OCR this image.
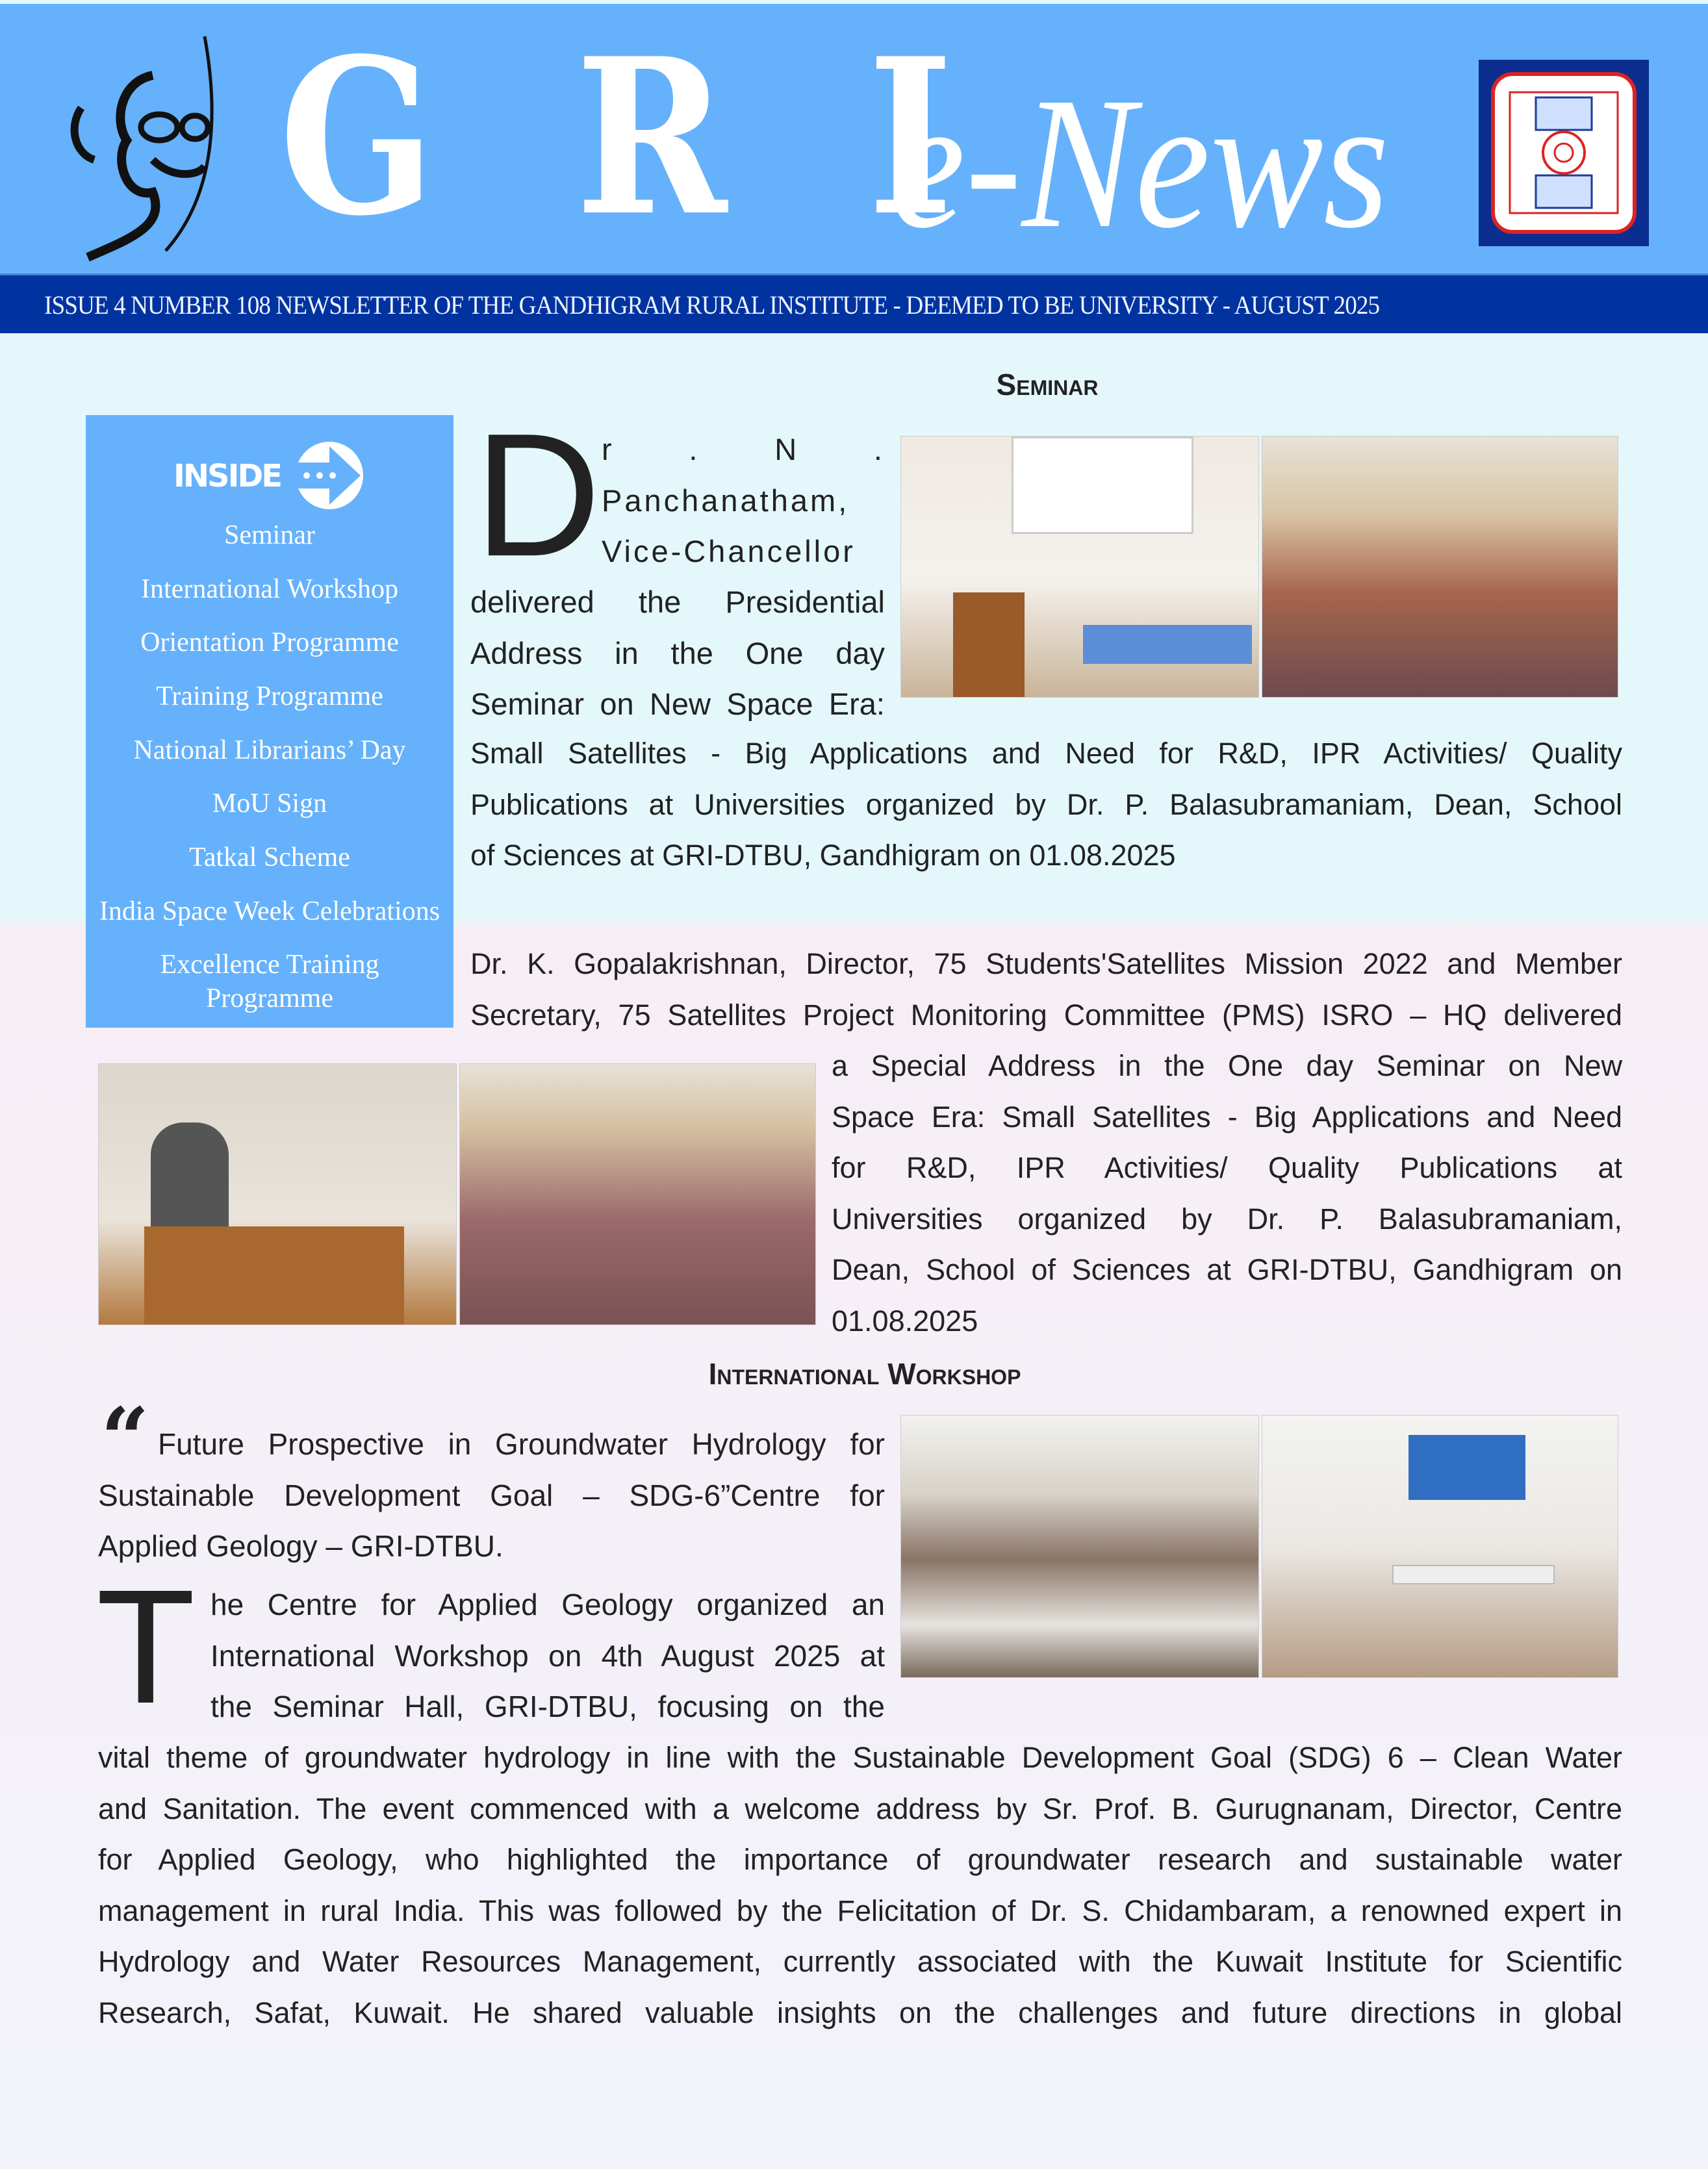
G R I
e-News
ISSUE 4 NUMBER 108 NEWSLETTER OF THE GANDHIGRAM RURAL INSTITUTE - DEEMED TO BE UNIVERSITY - AUGUST 2025
Seminar
INSIDE
Seminar
International Workshop
Orientation Programme
Training Programme
National Librarians’ Day
MoU Sign
Tatkal Scheme
India Space Week Celebrations
Excellence Training
Programme
D r . N .
Panchanatham,
Vice-Chancellor
delivered the Presidential
Address in the One day
Seminar on New Space Era:
Small Satellites - Big Applications and Need for R&D, IPR Activities/ Quality
Publications at Universities organized by Dr. P. Balasubramaniam, Dean, School
of Sciences at GRI-DTBU, Gandhigram on 01.08.2025
Dr. K. Gopalakrishnan, Director, 75 Students'Satellites Mission 2022 and Member
Secretary, 75 Satellites Project Monitoring Committee (PMS) ISRO – HQ delivered
a Special Address in the One day Seminar on New
Space Era: Small Satellites - Big Applications and Need
for R&D, IPR Activities/ Quality Publications at
Universities organized by Dr. P. Balasubramaniam,
Dean, School of Sciences at GRI-DTBU, Gandhigram on
01.08.2025
International Workshop
“ Future Prospective in Groundwater Hydrology for
Sustainable Development Goal – SDG-6”Centre for
Applied Geology – GRI-DTBU.
T he Centre for Applied Geology organized an
International Workshop on 4th August 2025 at
the Seminar Hall, GRI-DTBU, focusing on the
vital theme of groundwater hydrology in line with the Sustainable Development Goal (SDG) 6 – Clean Water
and Sanitation. The event commenced with a welcome address by Sr. Prof. B. Gurugnanam, Director, Centre
for Applied Geology, who highlighted the importance of groundwater research and sustainable water
management in rural India. This was followed by the Felicitation of Dr. S. Chidambaram, a renowned expert in
Hydrology and Water Resources Management, currently associated with the Kuwait Institute for Scientific
Research, Safat, Kuwait. He shared valuable insights on the challenges and future directions in global
